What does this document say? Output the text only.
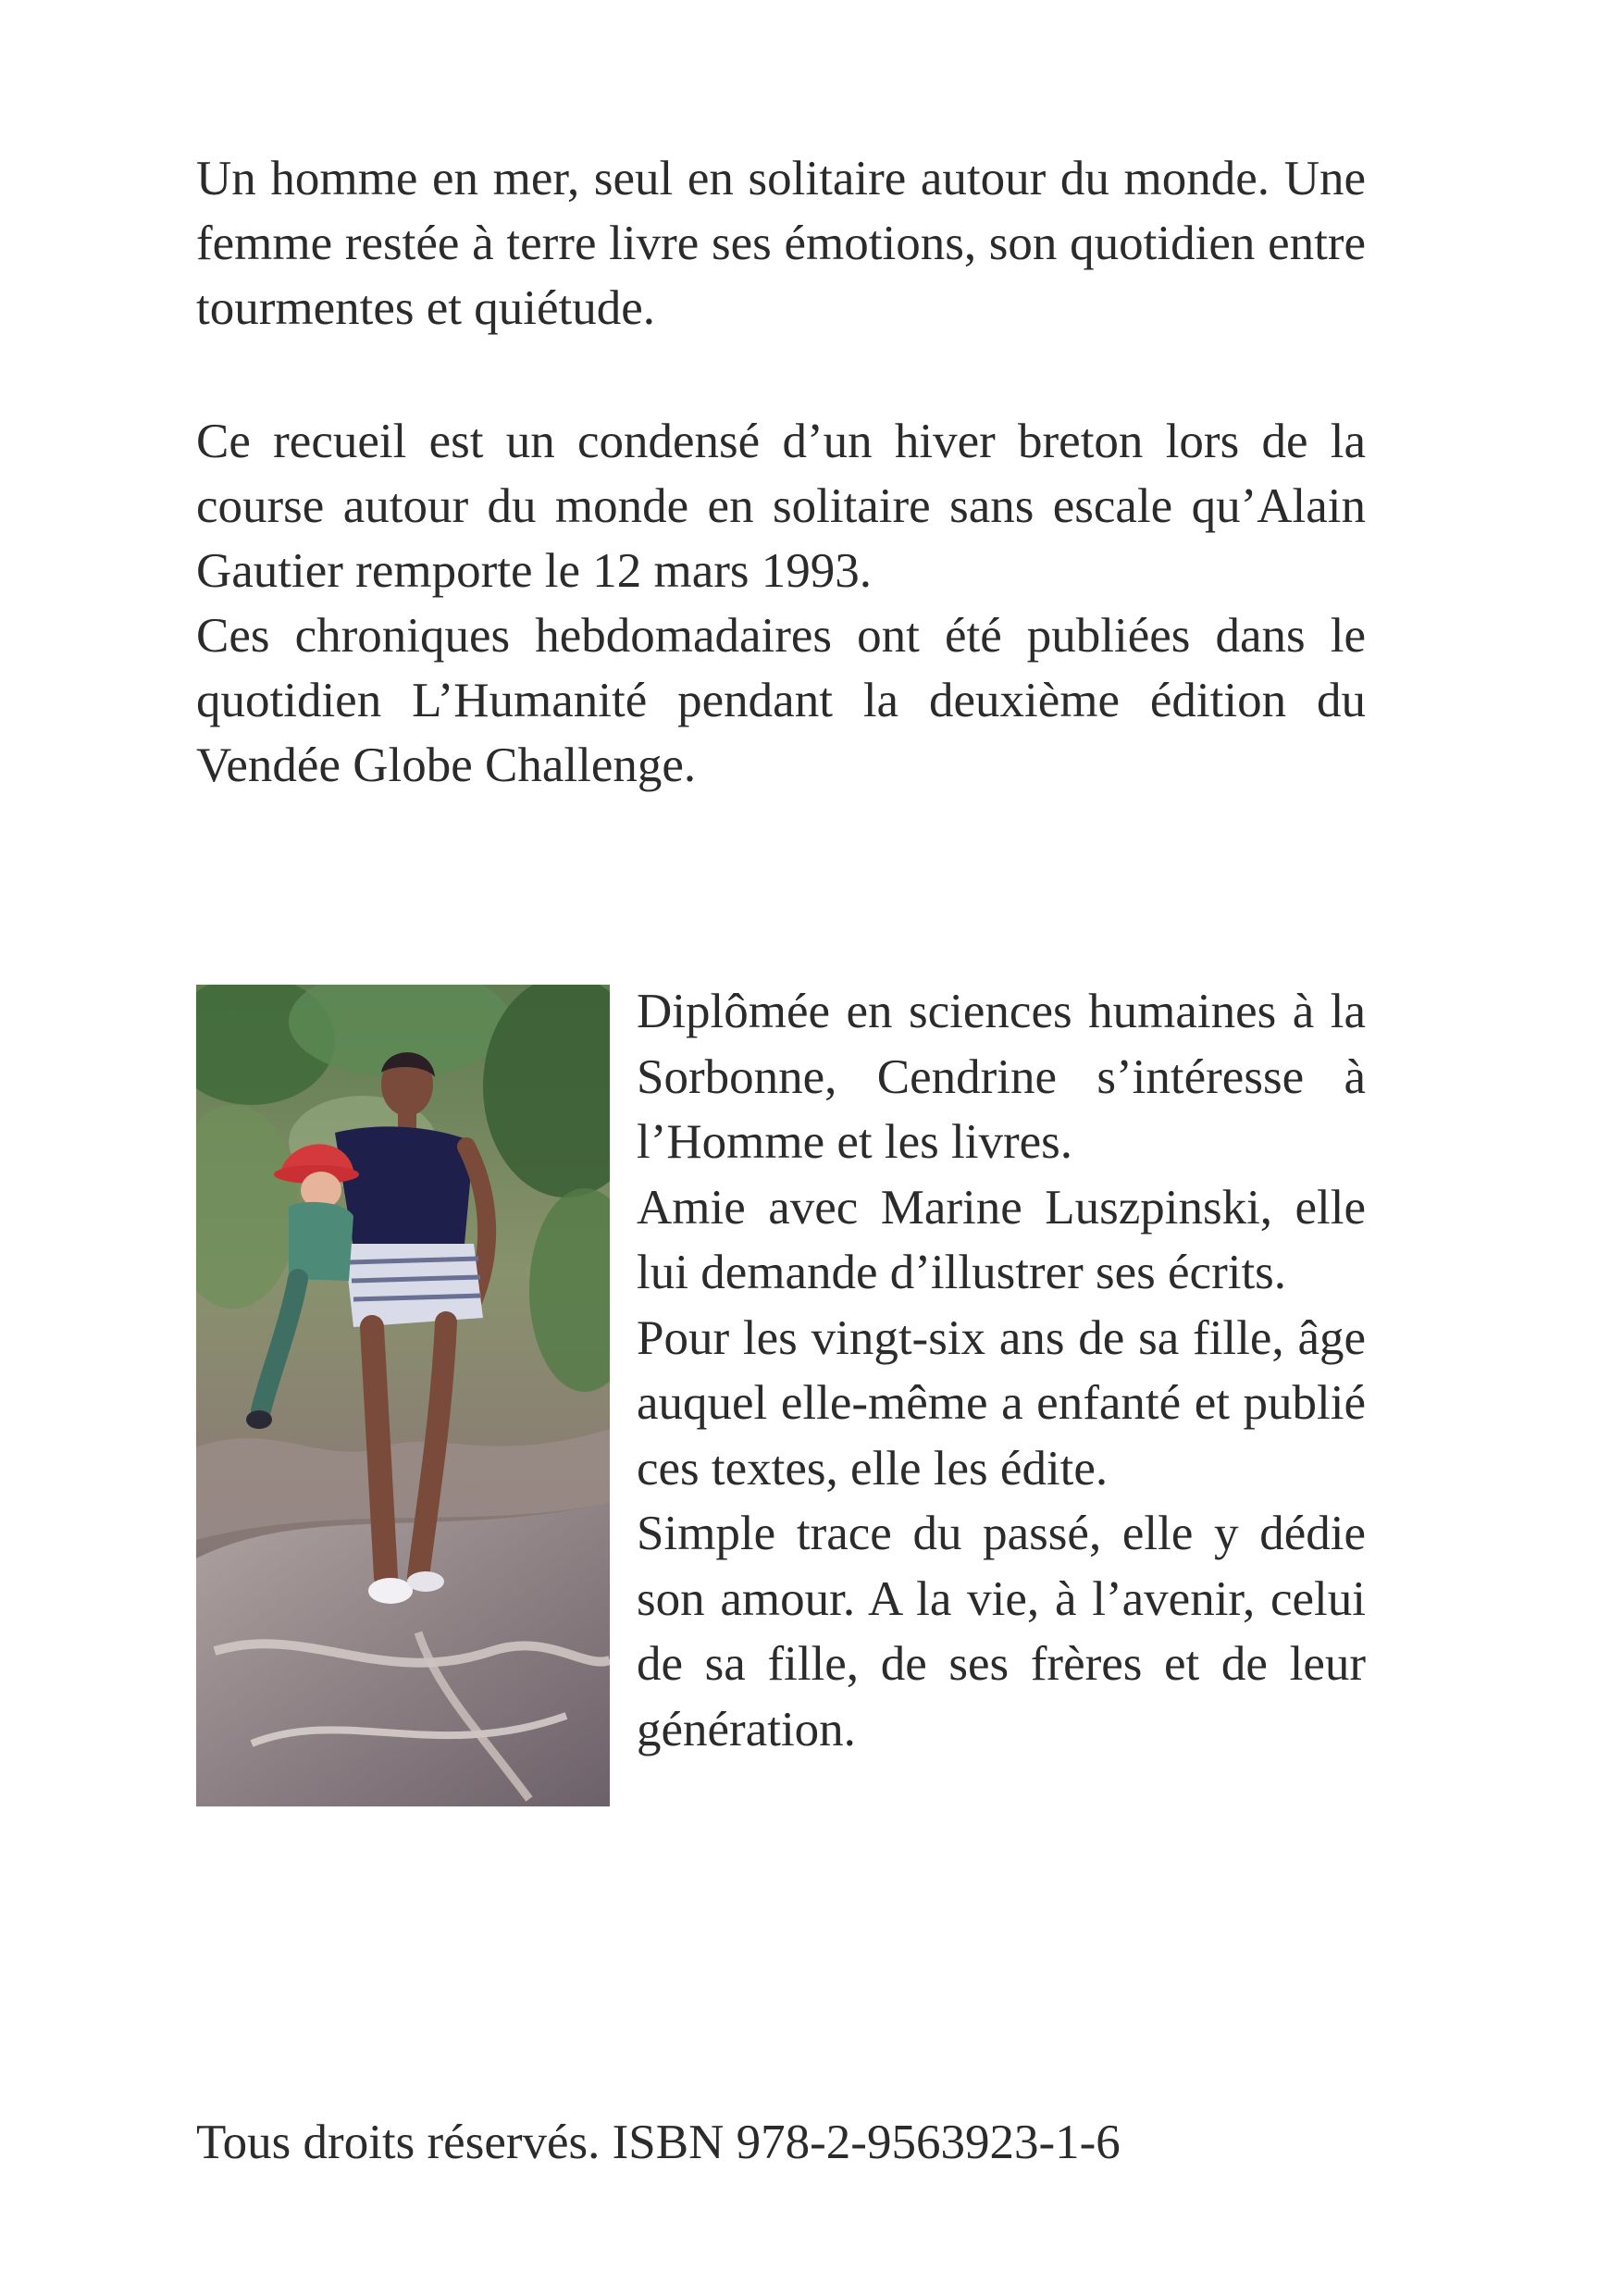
Un homme en mer, seul en solitaire autour du monde. Une femme restée à terre livre ses émotions, son quotidien entre tourmentes et quiétude.

Ce recueil est un condensé d’un hiver breton lors de la course autour du monde en solitaire sans escale qu’Alain Gautier remporte le 12 mars 1993.

Ces chroniques hebdomadaires ont été publiées dans le quotidien L’Humanité pendant la deuxième édition du Vendée Globe Challenge.

Diplômée en sciences humaines à la Sorbonne, Cendrine s’intéresse à l’Homme et les livres.

Amie avec Marine Luszpinski, elle lui demande d’illustrer ses écrits.

Pour les vingt-six ans de sa fille, âge auquel elle-même a enfanté et publié ces textes, elle les édite.

Simple trace du passé, elle y dédie son amour. A la vie, à l’avenir, celui de sa fille, de ses frères et de leur génération.

Tous droits réservés. ISBN 978-2-9563923-1-6
